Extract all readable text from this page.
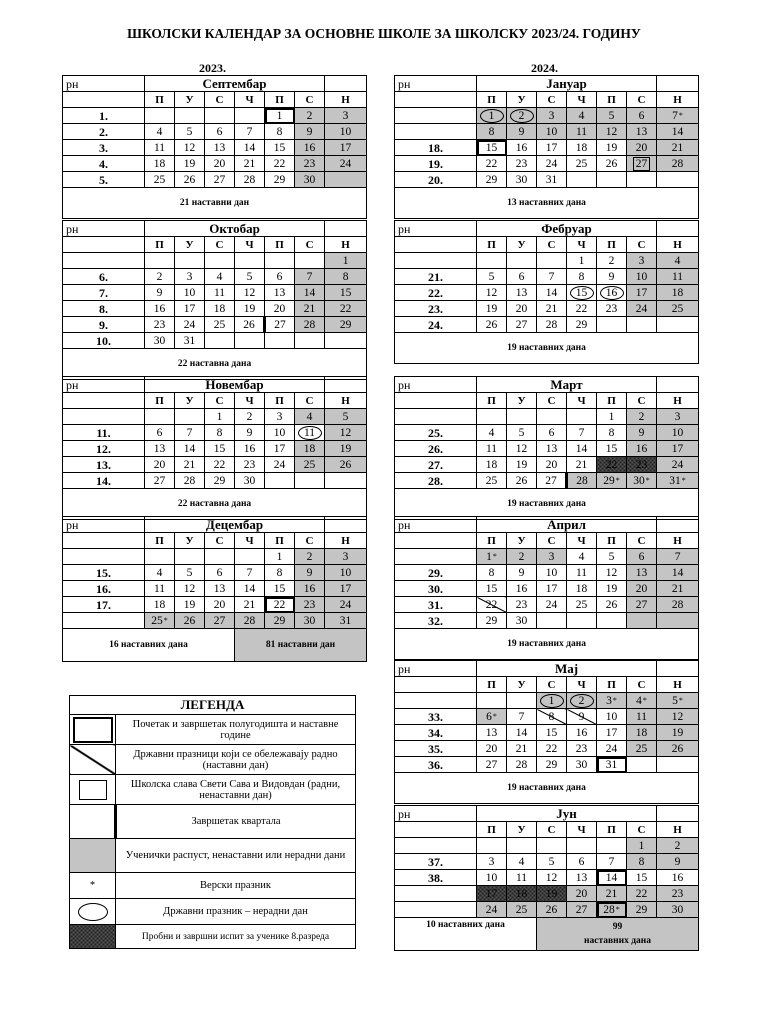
ШКОЛСКИ КАЛЕНДАР ЗА ОСНОВНЕ ШКОЛЕ ЗА ШКОЛСКУ 2023/24. ГОДИНУ
2023.	2024.
рн	Септембар						
	П	У	С	Ч	П	С	Н
1.					1	2	3
2.	4	5	6	7	8	9	10
3.	11	12	13	14	15	16	17
4.	18	19	20	21	22	23	24
5.	25	26	27	28	29	30	
21 наставни дан							
рн	Октобар						
	П	У	С	Ч	П	С	Н
							1
6.	2	3	4	5	6	7	8
7.	9	10	11	12	13	14	15
8.	16	17	18	19	20	21	22
9.	23	24	25	26	27	28	29
10.	30	31					
22 наставна дана							
рн	Новембар						
	П	У	С	Ч	П	С	Н
			1	2	3	4	5
11.	6	7	8	9	10	11	12
12.	13	14	15	16	17	18	19
13.	20	21	22	23	24	25	26
14.	27	28	29	30			
22 наставна дана							
рн	Децембар						
	П	У	С	Ч	П	С	Н
					1	2	3
15.	4	5	6	7	8	9	10
16.	11	12	13	14	15	16	17
17.	18	19	20	21	22	23	24
	25*	26	27	28	29	30	31
16 наставних дана				81 наставни дан			
рн	Јануар						
	П	У	С	Ч	П	С	Н
	1	2	3	4	5	6	7*
	8	9	10	11	12	13	14
18.	15	16	17	18	19	20	21
19.	22	23	24	25	26	27	28
20.	29	30	31				
13 наставних дана							
рн	Фебруар						
	П	У	С	Ч	П	С	Н
				1	2	3	4
21.	5	6	7	8	9	10	11
22.	12	13	14	15	16	17	18
23.	19	20	21	22	23	24	25
24.	26	27	28	29			
19 наставних дана							
рн	Март						
	П	У	С	Ч	П	С	Н
					1	2	3
25.	4	5	6	7	8	9	10
26.	11	12	13	14	15	16	17
27.	18	19	20	21	22	23	24
28.	25	26	27	28	29*	30*	31*
19 наставних дана							
рн	Април						
	П	У	С	Ч	П	С	Н
	1*	2	3	4	5	6	7
29.	8	9	10	11	12	13	14
30.	15	16	17	18	19	20	21
31.	22	23	24	25	26	27	28
32.	29	30					
19 наставних дана							
рн	Мај						
	П	У	С	Ч	П	С	Н
			1	2	3*	4*	5*
33.	6*	7	8	9	10	11	12
34.	13	14	15	16	17	18	19
35.	20	21	22	23	24	25	26
36.	27	28	29	30	31		
19 наставних дана							
рн	Јун						
	П	У	С	Ч	П	С	Н
						1	2
37.	3	4	5	6	7	8	9
38.	10	11	12	13	14	15	16
	17	18	19	20	21	22	23
	24	25	26	27	28*	29	30
10 наставних дана			99
наставних дана				
ЛЕГЕНДА	

	Почетак и завршетак полугодишта и наставне године
	Државни празници који се обележавају радно (наставни дан)

	Школска слава Свети Сава и Видовдан (радни, ненаставни дан)
	Завршетак квартала
	Ученички распуст, ненаставни или нерадни дани
*	Верски празник

	Државни празник – нерадни дан
	Пробни и завршни испит за ученике 8.разреда
